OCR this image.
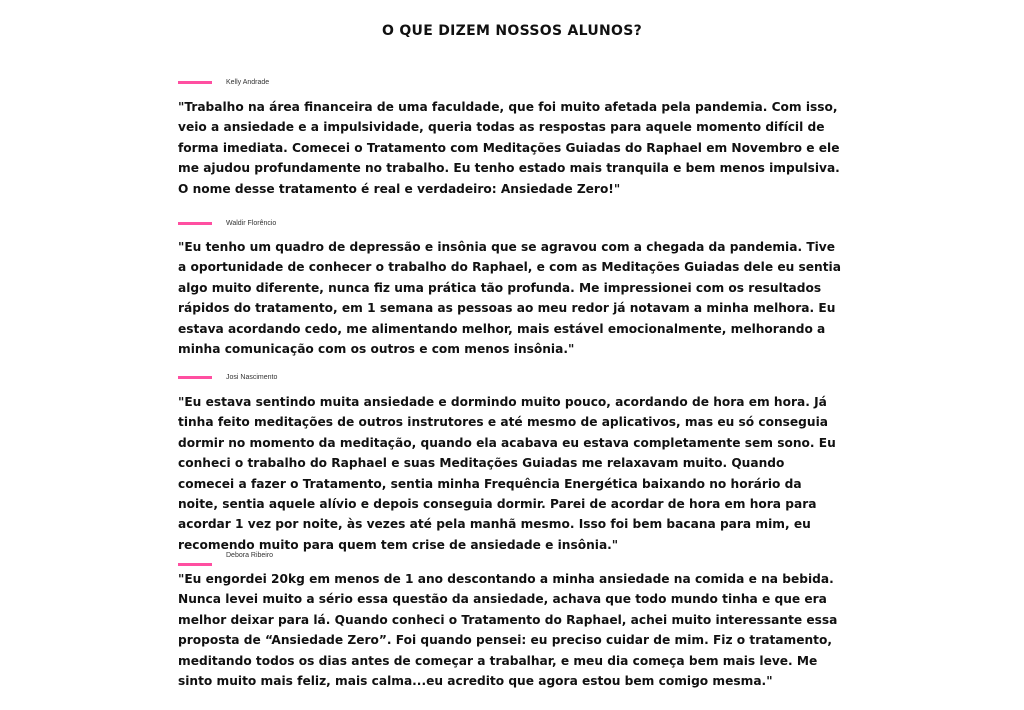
O QUE DIZEM NOSSOS ALUNOS?
Kelly Andrade

"Trabalho na área financeira de uma faculdade, que foi muito afetada pela pandemia. Com isso, veio a ansiedade e a impulsividade, queria todas as respostas para aquele momento difícil de forma imediata. Comecei o Tratamento com Meditações Guiadas do Raphael em Novembro e ele me ajudou profundamente no trabalho. Eu tenho estado mais tranquila e bem menos impulsiva. O nome desse tratamento é real e verdadeiro: Ansiedade Zero!"

Waldir Florêncio

"Eu tenho um quadro de depressão e insônia que se agravou com a chegada da pandemia. Tive a oportunidade de conhecer o trabalho do Raphael, e com as Meditações Guiadas dele eu sentia algo muito diferente, nunca fiz uma prática tão profunda. Me impressionei com os resultados rápidos do tratamento, em 1 semana as pessoas ao meu redor já notavam a minha melhora. Eu estava acordando cedo, me alimentando melhor, mais estável emocionalmente, melhorando a minha comunicação com os outros e com menos insônia."

Josi Nascimento

"Eu estava sentindo muita ansiedade e dormindo muito pouco, acordando de hora em hora. Já tinha feito meditações de outros instrutores e até mesmo de aplicativos, mas eu só conseguia dormir no momento da meditação, quando ela acabava eu estava completamente sem sono. Eu conheci o trabalho do Raphael e suas Meditações Guiadas me relaxavam muito. Quando comecei a fazer o Tratamento, sentia minha Frequência Energética baixando no horário da noite, sentia aquele alívio e depois conseguia dormir. Parei de acordar de hora em hora para acordar 1 vez por noite, às vezes até pela manhã mesmo. Isso foi bem bacana para mim, eu recomendo muito para quem tem crise de ansiedade e insônia."

Debora Ribeiro

"Eu engordei 20kg em menos de 1 ano descontando a minha ansiedade na comida e na bebida. Nunca levei muito a sério essa questão da ansiedade, achava que todo mundo tinha e que era melhor deixar para lá. Quando conheci o Tratamento do Raphael, achei muito interessante essa proposta de “Ansiedade Zero”. Foi quando pensei: eu preciso cuidar de mim. Fiz o tratamento, meditando todos os dias antes de começar a trabalhar, e meu dia começa bem mais leve. Me sinto muito mais feliz, mais calma...eu acredito que agora estou bem comigo mesma."
